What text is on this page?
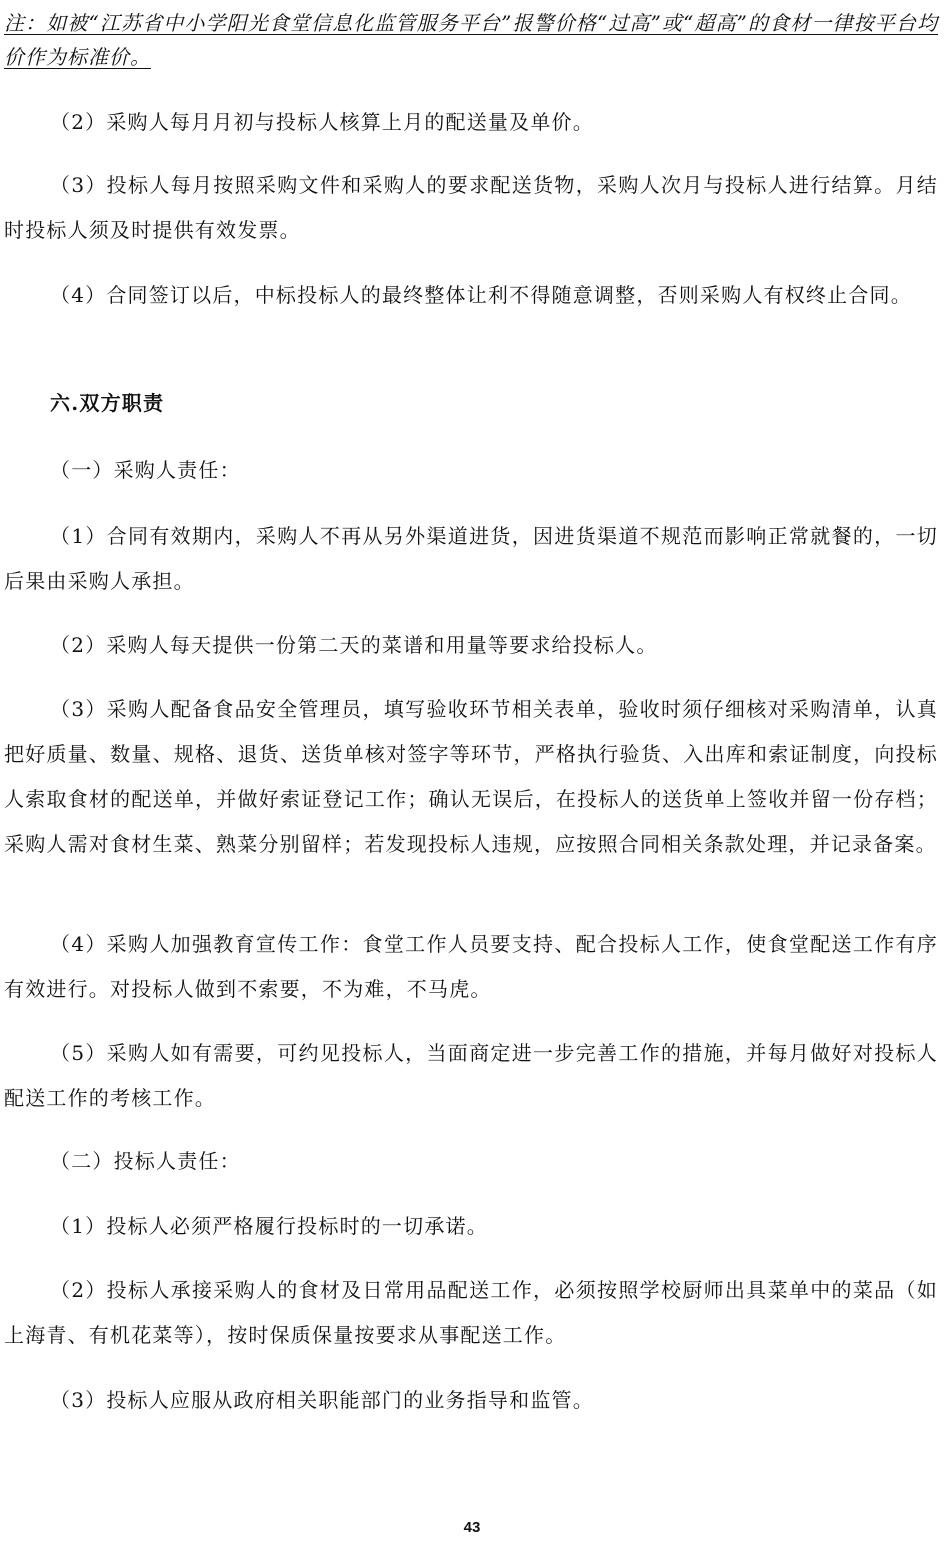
注：如被“江苏省中小学阳光食堂信息化监管服务平台”报警价格“过高”或“超高”的食材一律按平台均价作为标准价。

（2）采购人每月月初与投标人核算上月的配送量及单价。

（3）投标人每月按照采购文件和采购人的要求配送货物，采购人次月与投标人进行结算。月结时投标人须及时提供有效发票。

（4）合同签订以后，中标投标人的最终整体让利不得随意调整，否则采购人有权终止合同。

六.双方职责

（一）采购人责任：

（1）合同有效期内，采购人不再从另外渠道进货，因进货渠道不规范而影响正常就餐的，一切后果由采购人承担。

（2）采购人每天提供一份第二天的菜谱和用量等要求给投标人。

（3）采购人配备食品安全管理员，填写验收环节相关表单，验收时须仔细核对采购清单，认真把好质量、数量、规格、退货、送货单核对签字等环节，严格执行验货、入出库和索证制度，向投标人索取食材的配送单，并做好索证登记工作；确认无误后，在投标人的送货单上签收并留一份存档；采购人需对食材生菜、熟菜分别留样；若发现投标人违规，应按照合同相关条款处理，并记录备案。

（4）采购人加强教育宣传工作：食堂工作人员要支持、配合投标人工作，使食堂配送工作有序有效进行。对投标人做到不索要，不为难，不马虎。

（5）采购人如有需要，可约见投标人，当面商定进一步完善工作的措施，并每月做好对投标人配送工作的考核工作。

（二）投标人责任：

（1）投标人必须严格履行投标时的一切承诺。

（2）投标人承接采购人的食材及日常用品配送工作，必须按照学校厨师出具菜单中的菜品（如上海青、有机花菜等），按时保质保量按要求从事配送工作。

（3）投标人应服从政府相关职能部门的业务指导和监管。

43
